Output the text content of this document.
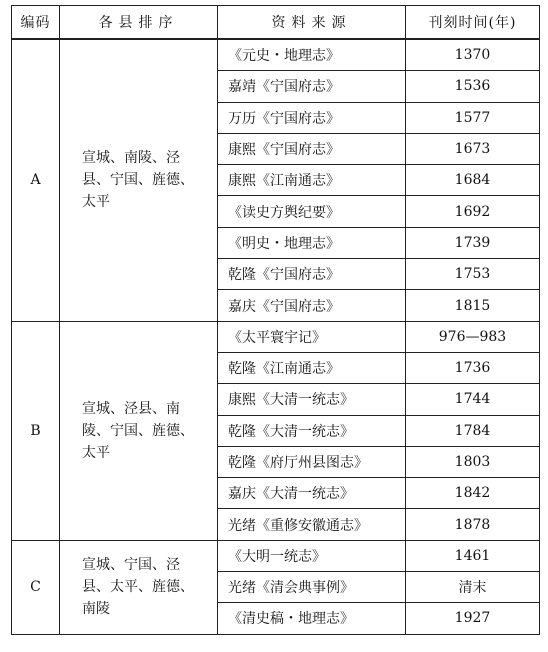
编码	各县排序	资料来源	刊刻时间(年)
A	宣城、南陵、泾县、宁国、旌德、太平	《元史・地理志》	1370
		嘉靖《宁国府志》	1536
		万历《宁国府志》	1577
		康熙《宁国府志》	1673
		康熙《江南通志》	1684
		《读史方舆纪要》	1692
		《明史・地理志》	1739
		乾隆《宁国府志》	1753
		嘉庆《宁国府志》	1815
B	宣城、泾县、南陵、宁国、旌德、太平	《太平寰宇记》	976—983
		乾隆《江南通志》	1736
		康熙《大清一统志》	1744
		乾隆《大清一统志》	1784
		乾隆《府厅州县图志》	1803
		嘉庆《大清一统志》	1842
		光绪《重修安徽通志》	1878
C	宣城、宁国、泾县、太平、旌德、南陵	《大明一统志》	1461
		光绪《清会典事例》	清末
		《清史稿・地理志》	1927
